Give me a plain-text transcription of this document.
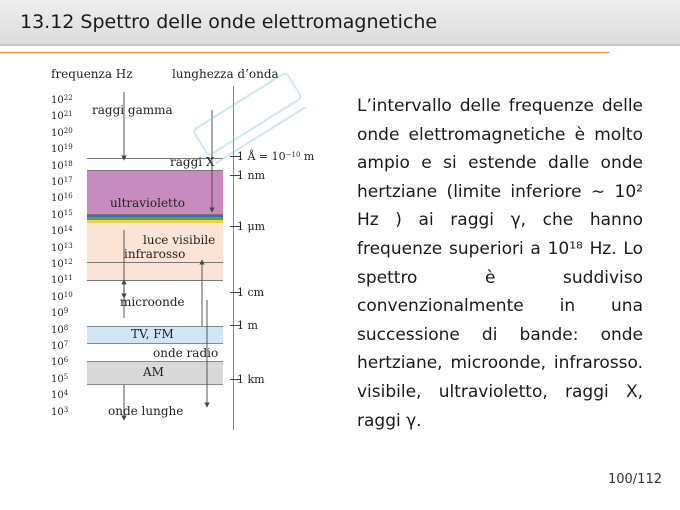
13.12 Spettro delle onde elettromagnetiche
frequenza Hz	lunghezza d’onda
$10^{22}$
$10^{21}$
$10^{20}$
$10^{19}$
$10^{18}$
$10^{17}$
$10^{16}$
$10^{15}$
$10^{14}$
$10^{13}$
$10^{12}$
$10^{11}$
$10^{10}$
$10^9$
$10^8$
$10^7$
$10^6$
$10^5$
$10^4$
$10^3$
raggi gamma
raggi X
ultravioletto
luce visibile
infrarosso
microonde
TV, FM
onde radio
AM
onde lunghe
1 Å = $10^{-10}$ m
1 nm
1 μm
1 cm
1 m
1 km
L’intervallo delle frequenze delle onde elettromagnetiche è molto ampio e si estende dalle onde hertziane (limite inferiore ∼ 10² Hz ) ai raggi γ, che hanno frequenze superiori a 10¹⁸ Hz. Lo spettro è suddiviso convenzionalmente in una successione di bande: onde hertziane, microonde, infrarosso. visibile, ultravioletto, raggi X, raggi γ.
100/112
